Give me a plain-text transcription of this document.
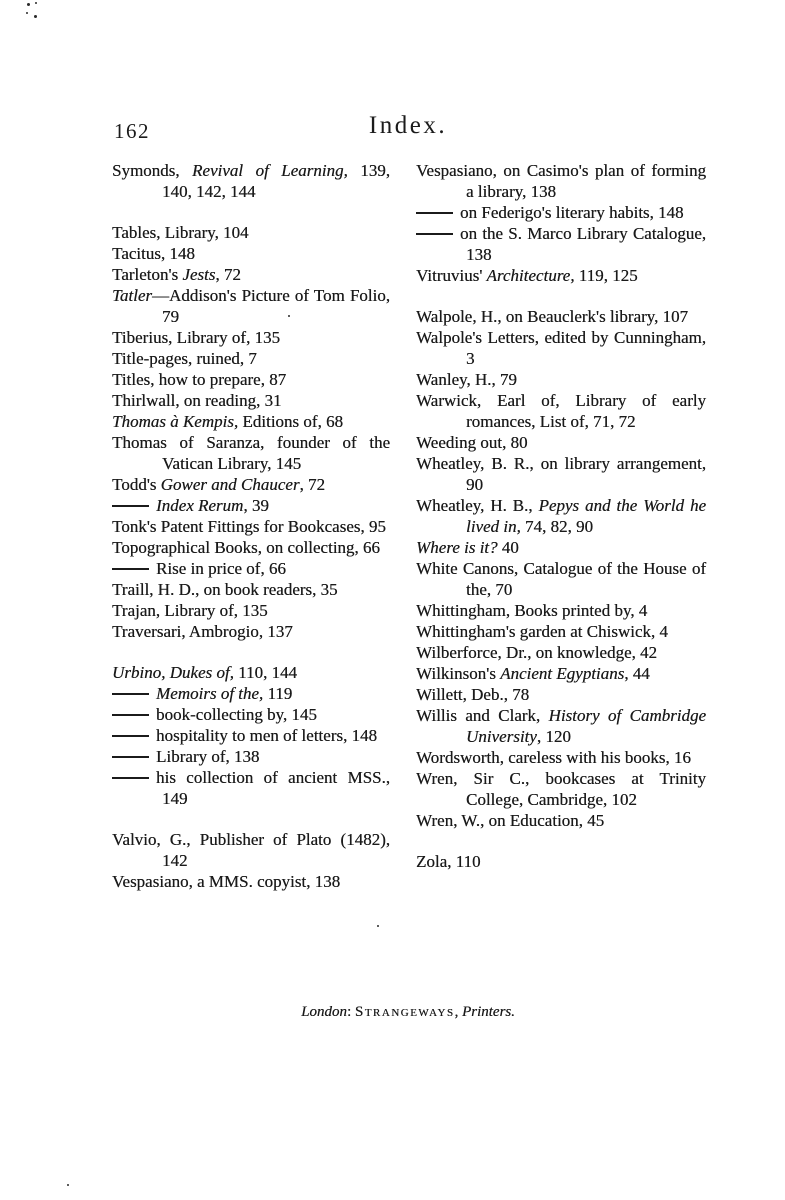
162	Index.
Symonds, Revival of Learning, 139, 140, 142, 144
Tables, Library, 104
Tacitus, 148
Tarleton's Jests, 72
Tatler—Addison's Picture of Tom Folio, 79
Tiberius, Library of, 135
Title-pages, ruined, 7
Titles, how to prepare, 87
Thirlwall, on reading, 31
Thomas à Kempis, Editions of, 68
Thomas of Saranza, founder of the Vatican Library, 145
Todd's Gower and Chaucer, 72
Index Rerum, 39
Tonk's Patent Fittings for Bookcases, 95
Topographical Books, on collecting, 66
Rise in price of, 66
Traill, H. D., on book readers, 35
Trajan, Library of, 135
Traversari, Ambrogio, 137
Urbino, Dukes of, 110, 144
Memoirs of the, 119
book-collecting by, 145
hospitality to men of letters, 148
Library of, 138
his collection of ancient MSS., 149
Valvio, G., Publisher of Plato (1482), 142
Vespasiano, a MMS. copyist, 138
Vespasiano, on Casimo's plan of forming a library, 138
on Federigo's literary habits, 148
on the S. Marco Library Catalogue, 138
Vitruvius' Architecture, 119, 125
Walpole, H., on Beauclerk's library, 107
Walpole's Letters, edited by Cunningham, 3
Wanley, H., 79
Warwick, Earl of, Library of early romances, List of, 71, 72
Weeding out, 80
Wheatley, B. R., on library arrangement, 90
Wheatley, H. B., Pepys and the World he lived in, 74, 82, 90
Where is it? 40
White Canons, Catalogue of the House of the, 70
Whittingham, Books printed by, 4
Whittingham's garden at Chiswick, 4
Wilberforce, Dr., on knowledge, 42
Wilkinson's Ancient Egyptians, 44
Willett, Deb., 78
Willis and Clark, History of Cambridge University, 120
Wordsworth, careless with his books, 16
Wren, Sir C., bookcases at Trinity College, Cambridge, 102
Wren, W., on Education, 45
Zola, 110
London: Strangeways, Printers.
